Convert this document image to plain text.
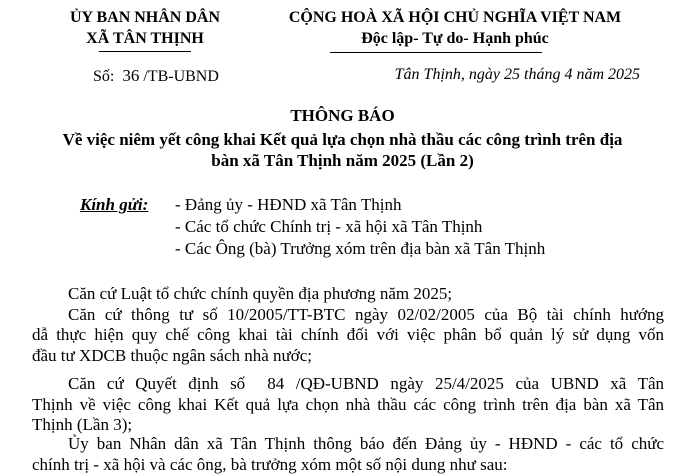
ỦY BAN NHÂN DÂN
XÃ TÂN THỊNH
CỘNG HOÀ XÃ HỘI CHỦ NGHĨA VIỆT NAM
Độc lập- Tự do- Hạnh phúc
Số: 36 /TB-UBND	Tân Thịnh, ngày 25 tháng 4 năm 2025
THÔNG BÁO
Về việc niêm yết công khai Kết quả lựa chọn nhà thầu các công trình trên địa
bàn xã Tân Thịnh năm 2025 (Lần 2)
Kính gửi: - Đảng ủy - HĐND xã Tân Thịnh
- Các tổ chức Chính trị - xã hội xã Tân Thịnh
- Các Ông (bà) Trưởng xóm trên địa bàn xã Tân Thịnh
Căn cứ Luật tổ chức chính quyền địa phương năm 2025;
Căn cứ thông tư số 10/2005/TT-BTC ngày 02/02/2005 của Bộ tài chính hướng
dẫ thực hiện quy chế công khai tài chính đối với việc phân bổ quản lý sử dụng vốn
đầu tư XDCB thuộc ngân sách nhà nước;
Căn cứ Quyết định số 84 /QĐ-UBND ngày 25/4/2025 của UBND xã Tân
Thịnh về việc công khai Kết quả lựa chọn nhà thầu các công trình trên địa bàn xã Tân
Thịnh (Lần 3);
Ủy ban Nhân dân xã Tân Thịnh thông báo đến Đảng ủy - HĐND - các tổ chức
chính trị - xã hội và các ông, bà trưởng xóm một số nội dung như sau:
